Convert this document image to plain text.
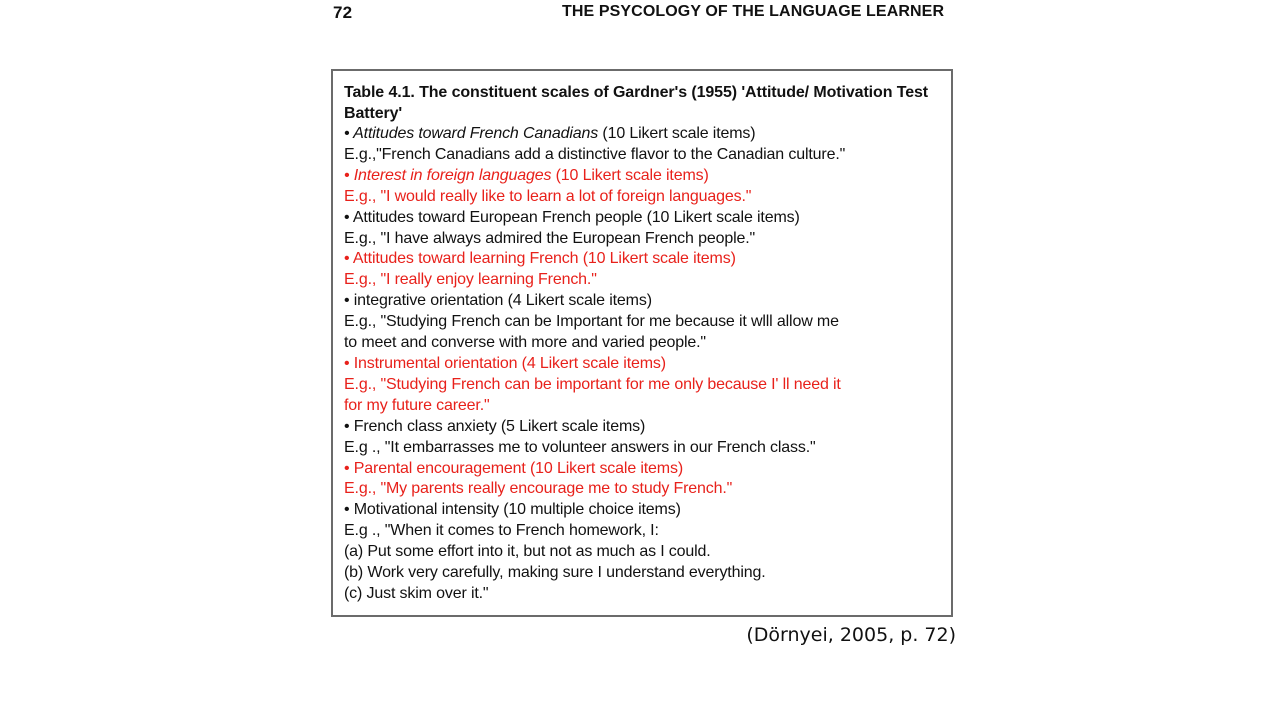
72	THE PSYCOLOGY OF THE LANGUAGE LEARNER
Table 4.1. The constituent scales of Gardner's (1955) 'Attitude/ Motivation Test Battery'
• Attitudes toward French Canadians (10 Likert scale items)
E.g.,"French Canadians add a distinctive flavor to the Canadian culture."
• Interest in foreign languages (10 Likert scale items)
E.g., "I would really like to learn a lot of foreign languages."
• Attitudes toward European French people (10 Likert scale items)
E.g., "I have always admired the European French people."
• Attitudes toward learning French (10 Likert scale items)
E.g., "I really enjoy learning French."
• integrative orientation (4 Likert scale items)
E.g., "Studying French can be Important for me because it wlll allow me
to meet and converse with more and varied people."
• Instrumental orientation (4 Likert scale items)
E.g., "Studying French can be important for me only because I' ll need it
for my future career."
• French class anxiety (5 Likert scale items)
E.g ., "It embarrasses me to volunteer answers in our French class."
• Parental encouragement (10 Likert scale items)
E.g., "My parents really encourage me to study French."
• Motivational intensity (10 multiple choice items)
E.g ., "When it comes to French homework, I:
(a) Put some effort into it, but not as much as I could.
(b) Work very carefully, making sure I understand everything.
(c) Just skim over it."
(Dörnyei, 2005, p. 72)
